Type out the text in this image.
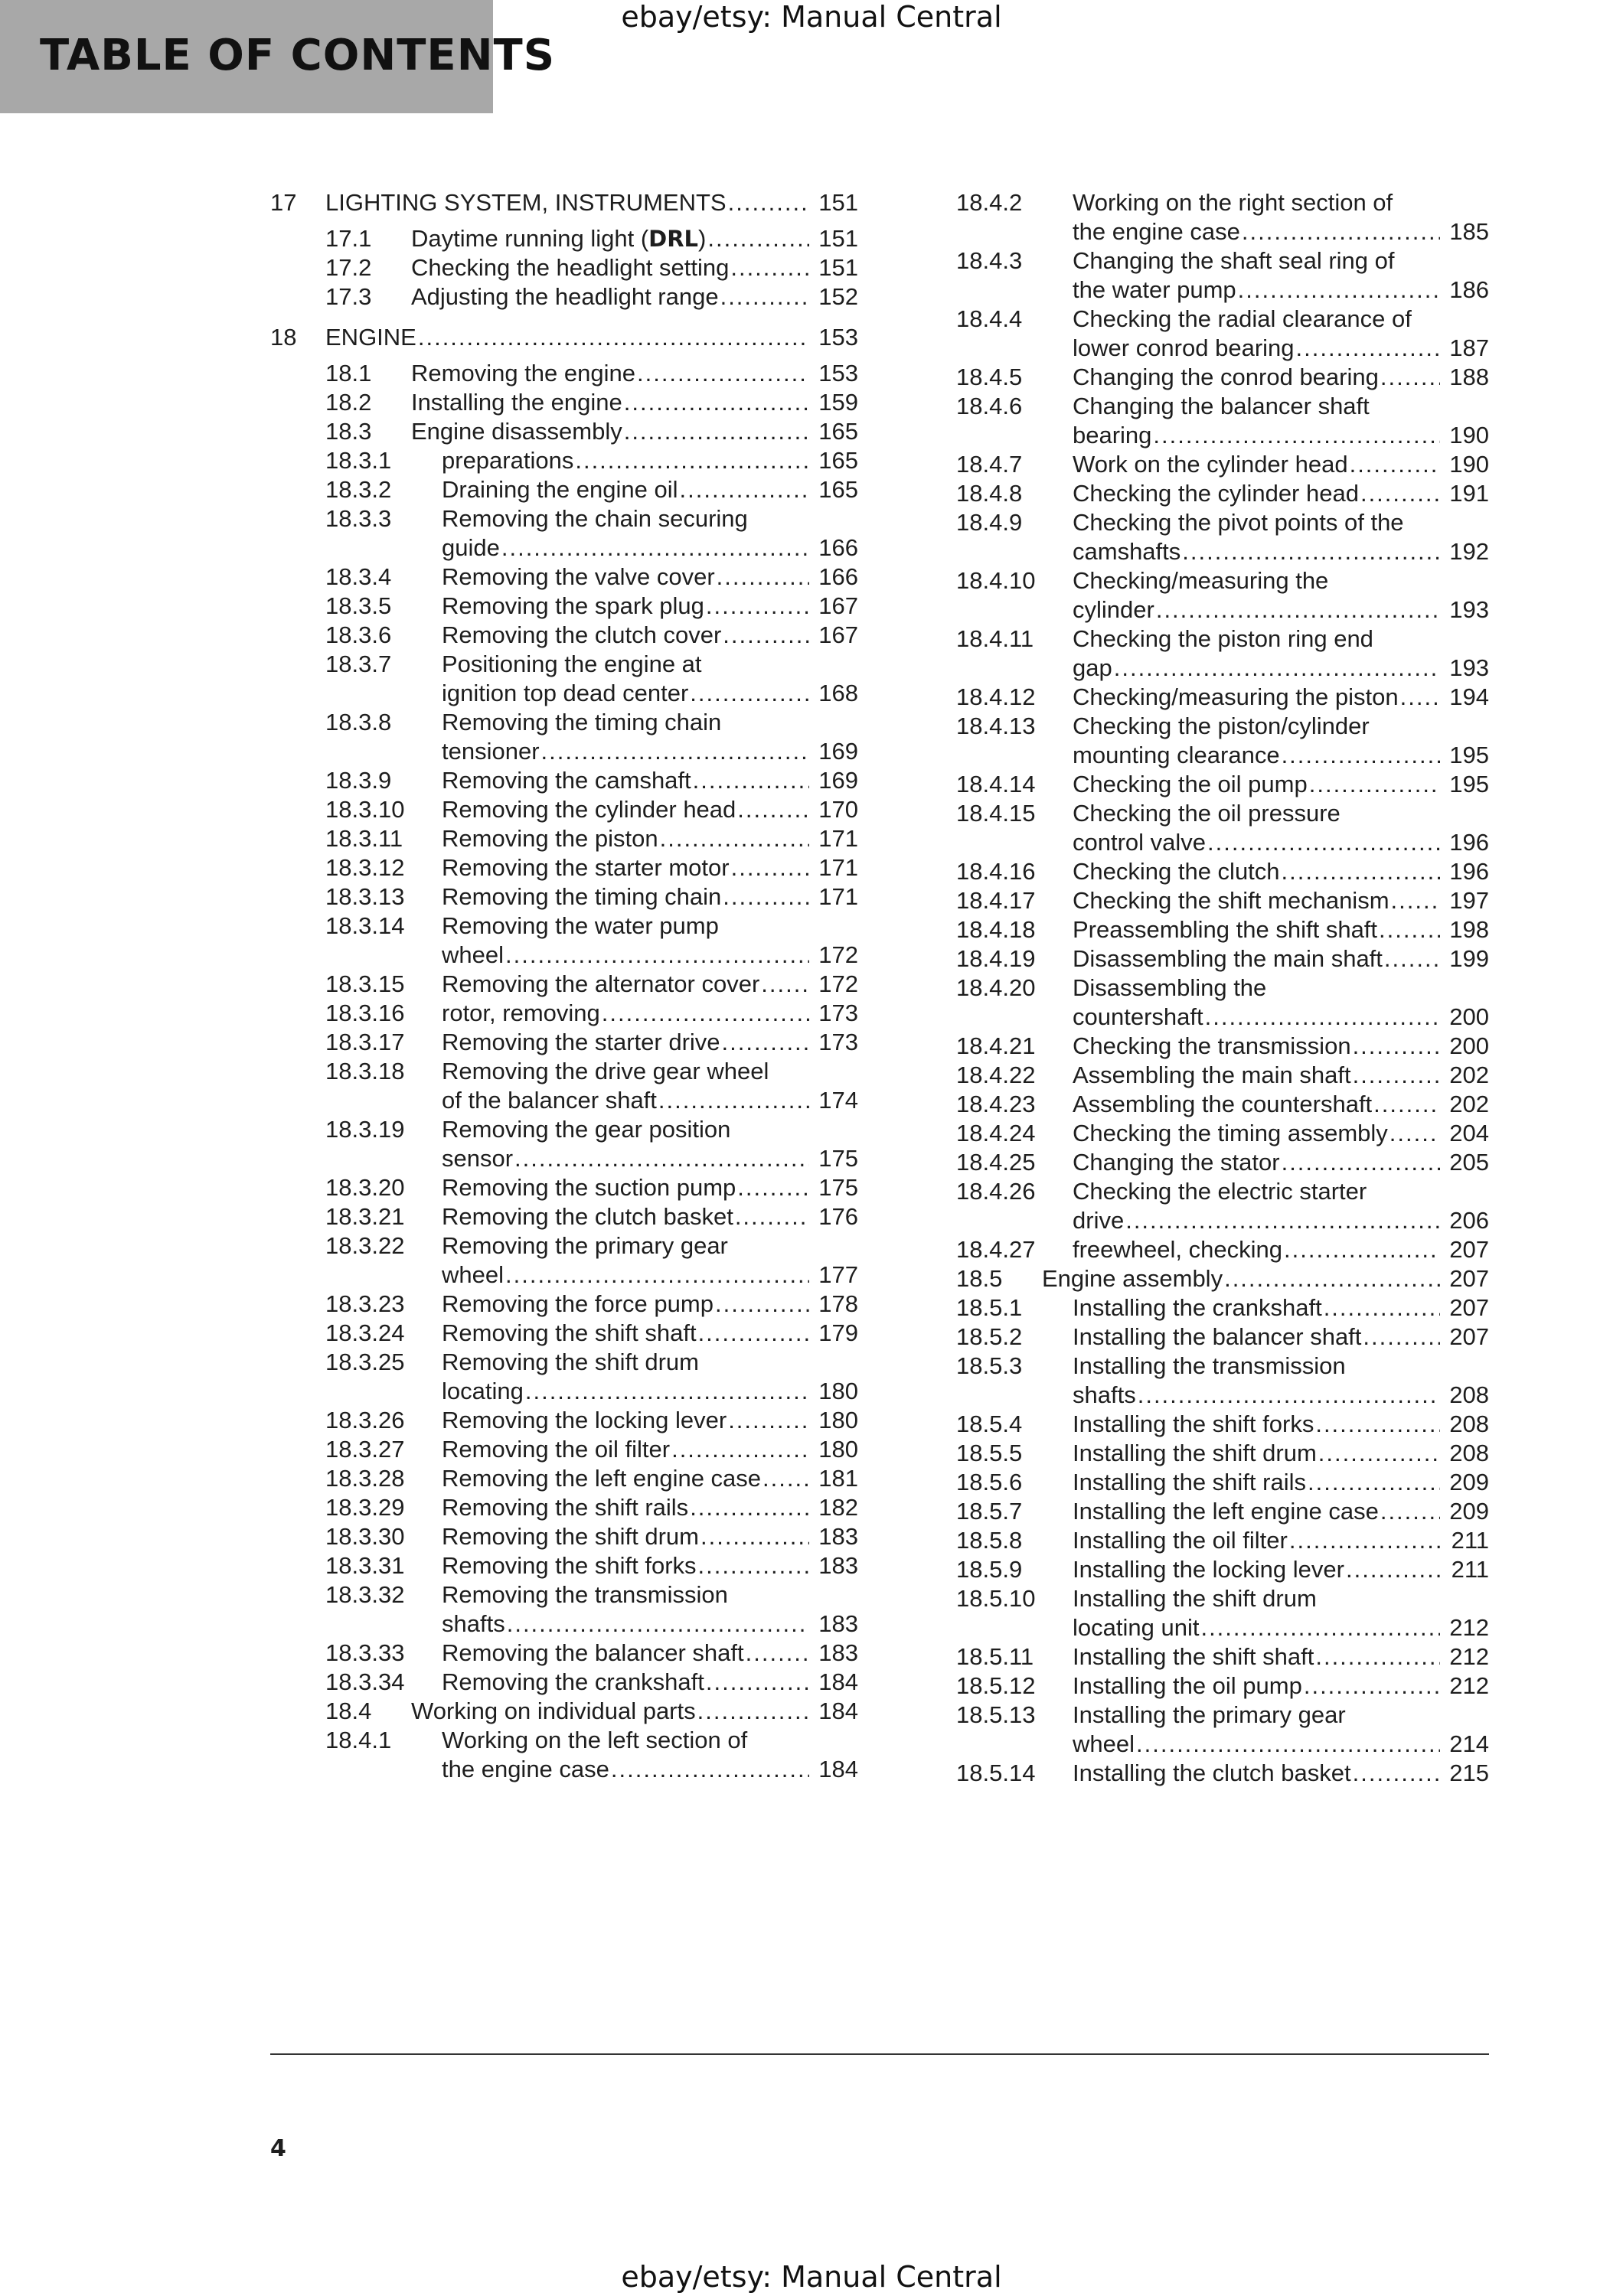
TABLE OF CONTENTS
ebay/etsy: Manual Central
17 LIGHTING SYSTEM, INSTRUMENTS .....	151
17.1 Daytime running light (DRL) .....	151
17.2 Checking the headlight setting .....	151
17.3 Adjusting the headlight range .....	152
18 ENGINE .....	153
18.1 Removing the engine .....	153
18.2 Installing the engine .....	159
18.3 Engine disassembly .....	165
18.3.1 preparations .....	165
18.3.2 Draining the engine oil .....	165
18.3.3 Removing the chain securing
guide .....	166
18.3.4 Removing the valve cover .....	166
18.3.5 Removing the spark plug .....	167
18.3.6 Removing the clutch cover .....	167
18.3.7 Positioning the engine at
ignition top dead center .....	168
18.3.8 Removing the timing chain
tensioner .....	169
18.3.9 Removing the camshaft .....	169
18.3.10 Removing the cylinder head .....	170
18.3.11 Removing the piston .....	171
18.3.12 Removing the starter motor .....	171
18.3.13 Removing the timing chain .....	171
18.3.14 Removing the water pump
wheel .....	172
18.3.15 Removing the alternator cover ..... 172
18.3.16 rotor, removing .....	173
18.3.17 Removing the starter drive .....	173
18.3.18 Removing the drive gear wheel
of the balancer shaft .....	174
18.3.19 Removing the gear position
sensor .....	175
18.3.20 Removing the suction pump .....	175
18.3.21 Removing the clutch basket .....	176
18.3.22 Removing the primary gear
wheel .....	177
18.3.23 Removing the force pump .....	178
18.3.24 Removing the shift shaft .....	179
18.3.25 Removing the shift drum
locating .....	180
18.3.26 Removing the locking lever .....	180
18.3.27 Removing the oil filter .....	180
18.3.28 Removing the left engine case ..... 181
18.3.29 Removing the shift rails .....	182
18.3.30 Removing the shift drum .....	183
18.3.31 Removing the shift forks .....	183
18.3.32 Removing the transmission
shafts .....	183
18.3.33 Removing the balancer shaft .....	183
18.3.34 Removing the crankshaft .....	184
18.4 Working on individual parts .....	184
18.4.1 Working on the left section of
the engine case .....	184
18.4.2 Working on the right section of
the engine case .....	185
18.4.3 Changing the shaft seal ring of
the water pump .....	186
18.4.4 Checking the radial clearance of
lower conrod bearing .....	187
18.4.5 Changing the conrod bearing .....	188
18.4.6 Changing the balancer shaft
bearing .....	190
18.4.7 Work on the cylinder head .....	190
18.4.8 Checking the cylinder head .....	191
18.4.9 Checking the pivot points of the
camshafts .....	192
18.4.10 Checking/measuring the
cylinder .....	193
18.4.11 Checking the piston ring end
gap .....	193
18.4.12 Checking/measuring the piston ..... 194
18.4.13 Checking the piston/cylinder
mounting clearance .....	195
18.4.14 Checking the oil pump .....	195
18.4.15 Checking the oil pressure
control valve .....	196
18.4.16 Checking the clutch .....	196
18.4.17 Checking the shift mechanism .....	197
18.4.18 Preassembling the shift shaft .....	198
18.4.19 Disassembling the main shaft .....	199
18.4.20 Disassembling the
countershaft .....	200
18.4.21 Checking the transmission .....	200
18.4.22 Assembling the main shaft .....	202
18.4.23 Assembling the countershaft .....	202
18.4.24 Checking the timing assembly .....	204
18.4.25 Changing the stator .....	205
18.4.26 Checking the electric starter
drive .....	206
18.4.27 freewheel, checking .....	207
18.5 Engine assembly .....	207
18.5.1 Installing the crankshaft .....	207
18.5.2 Installing the balancer shaft .....	207
18.5.3 Installing the transmission
shafts .....	208
18.5.4 Installing the shift forks .....	208
18.5.5 Installing the shift drum .....	208
18.5.6 Installing the shift rails .....	209
18.5.7 Installing the left engine case .....	209
18.5.8 Installing the oil filter .....	211
18.5.9 Installing the locking lever .....	211
18.5.10 Installing the shift drum
locating unit .....	212
18.5.11 Installing the shift shaft .....	212
18.5.12 Installing the oil pump .....	212
18.5.13 Installing the primary gear
wheel .....	214
18.5.14 Installing the clutch basket .....	215
4
ebay/etsy: Manual Central
